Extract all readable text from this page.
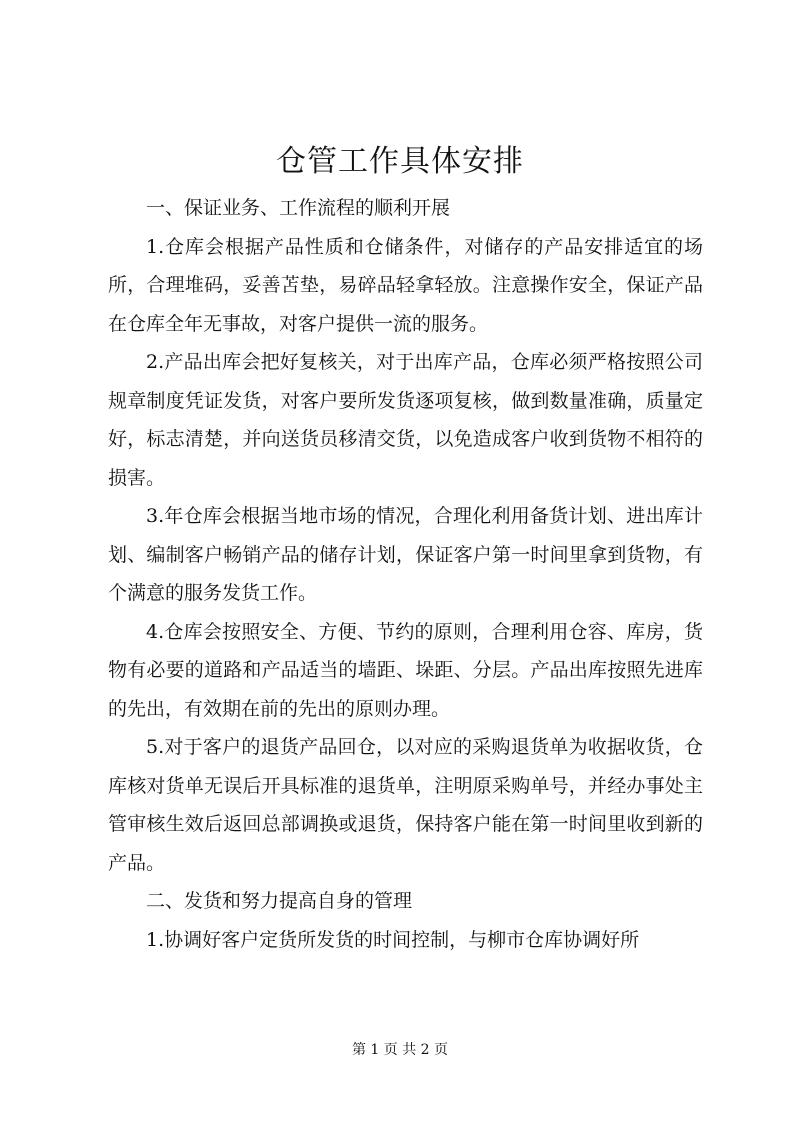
仓管工作具体安排

一、保证业务、工作流程的顺利开展

1.仓库会根据产品性质和仓储条件，对储存的产品安排适宜的场所，合理堆码，妥善苫垫，易碎品轻拿轻放。注意操作安全，保证产品在仓库全年无事故，对客户提供一流的服务。

2.产品出库会把好复核关，对于出库产品，仓库必须严格按照公司规章制度凭证发货，对客户要所发货逐项复核，做到数量准确，质量定好，标志清楚，并向送货员移清交货，以免造成客户收到货物不相符的损害。

3.年仓库会根据当地市场的情况，合理化利用备货计划、进出库计划、编制客户畅销产品的储存计划，保证客户第一时间里拿到货物，有个满意的服务发货工作。

4.仓库会按照安全、方便、节约的原则，合理利用仓容、库房，货物有必要的道路和产品适当的墙距、垛距、分层。产品出库按照先进库的先出，有效期在前的先出的原则办理。

5.对于客户的退货产品回仓，以对应的采购退货单为收据收货，仓库核对货单无误后开具标准的退货单，注明原采购单号，并经办事处主管审核生效后返回总部调换或退货，保持客户能在第一时间里收到新的产品。

二、发货和努力提高自身的管理

1.协调好客户定货所发货的时间控制，与柳市仓库协调好所

第 1 页 共 2 页
